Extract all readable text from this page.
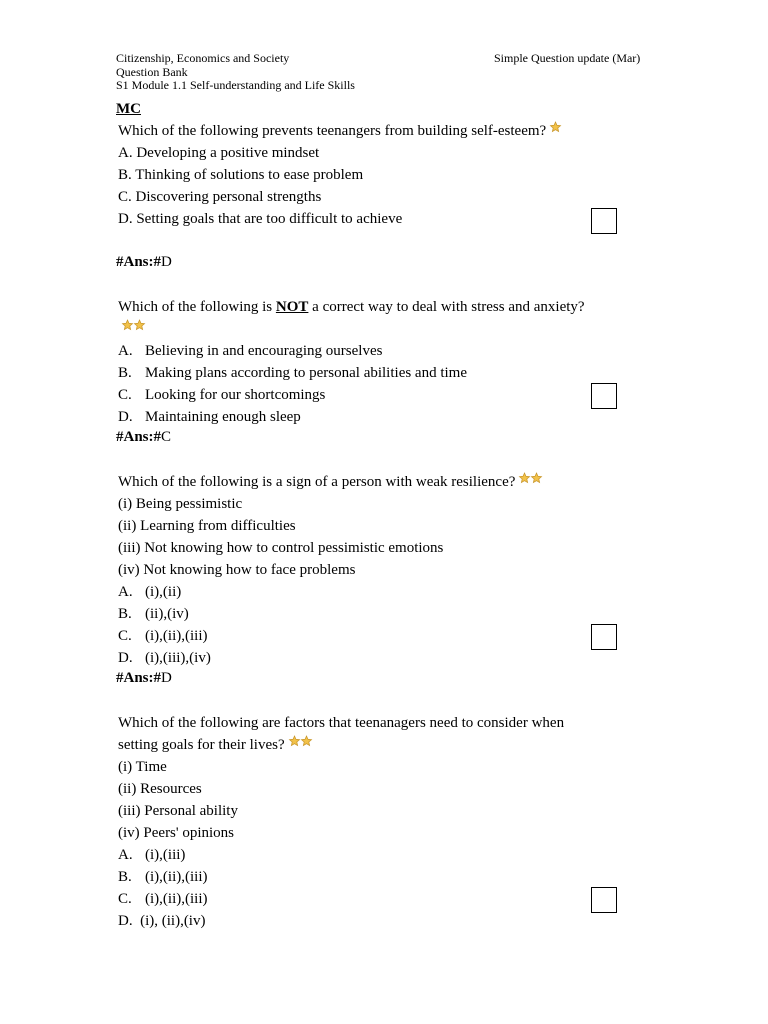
Citizenship, Economics and Society
Question Bank
S1 Module 1.1 Self-understanding and Life Skills
Simple Question update (Mar)
MC
Which of the following prevents teenangers from building self-esteem?
A. Developing a positive mindset
B. Thinking of solutions to ease problem
C. Discovering personal strengths
D. Setting goals that are too difficult to achieve
#Ans:#D
Which of the following is NOT a correct way to deal with stress and anxiety?
A. Believing in and encouraging ourselves
B. Making plans according to personal abilities and time
C. Looking for our shortcomings
D. Maintaining enough sleep
#Ans:#C
Which of the following is a sign of a person with weak resilience?
(i) Being pessimistic
(ii) Learning from difficulties
(iii) Not knowing how to control pessimistic emotions
(iv) Not knowing how to face problems
A. (i),(ii)
B. (ii),(iv)
C. (i),(ii),(iii)
D. (i),(iii),(iv)
#Ans:#D
Which of the following are factors that teenanagers need to consider when setting goals for their lives?
(i) Time
(ii) Resources
(iii) Personal ability
(iv) Peers' opinions
A. (i),(iii)
B. (i),(ii),(iii)
C. (i),(ii),(iii)
D.  (i), (ii),(iv)
